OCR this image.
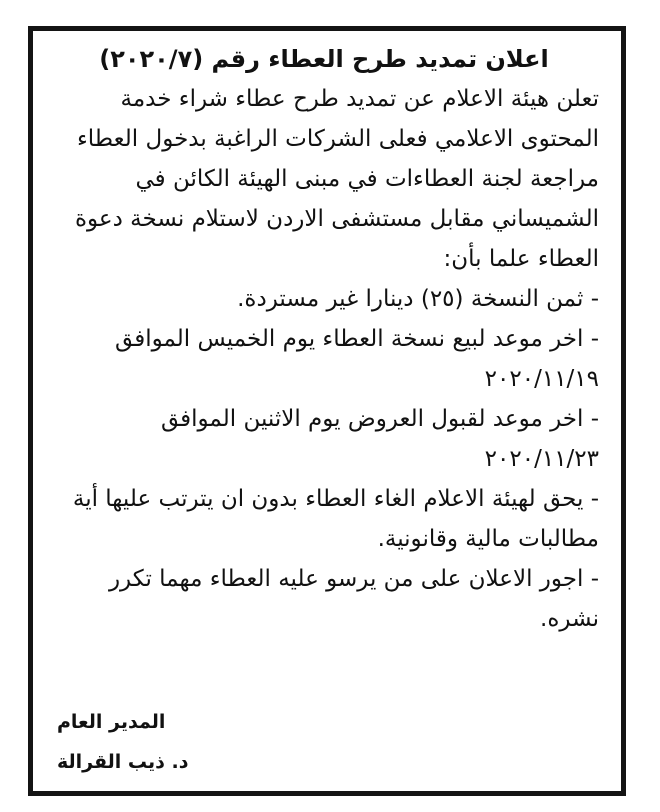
اعلان تمديد طرح العطاء رقم (٢٠٢٠/٧)

تعلن هيئة الاعلام عن تمديد طرح عطاء شراء خدمة المحتوى الاعلامي فعلى الشركات الراغبة بدخول العطاء مراجعة لجنة العطاءات في مبنى الهيئة الكائن في الشميساني مقابل مستشفى الاردن لاستلام نسخة دعوة العطاء علما بأن:

- ثمن النسخة (٢٥) دينارا غير مستردة.

- اخر موعد لبيع نسخة العطاء يوم الخميس الموافق ٢٠٢٠/١١/١٩

- اخر موعد لقبول العروض يوم الاثنين الموافق ٢٠٢٠/١١/٢٣

- يحق لهيئة الاعلام الغاء العطاء بدون ان يترتب عليها أية مطالبات مالية وقانونية.

- اجور الاعلان على من يرسو عليه العطاء مهما تكرر نشره.

المدير العام
د. ذيب القرالة
